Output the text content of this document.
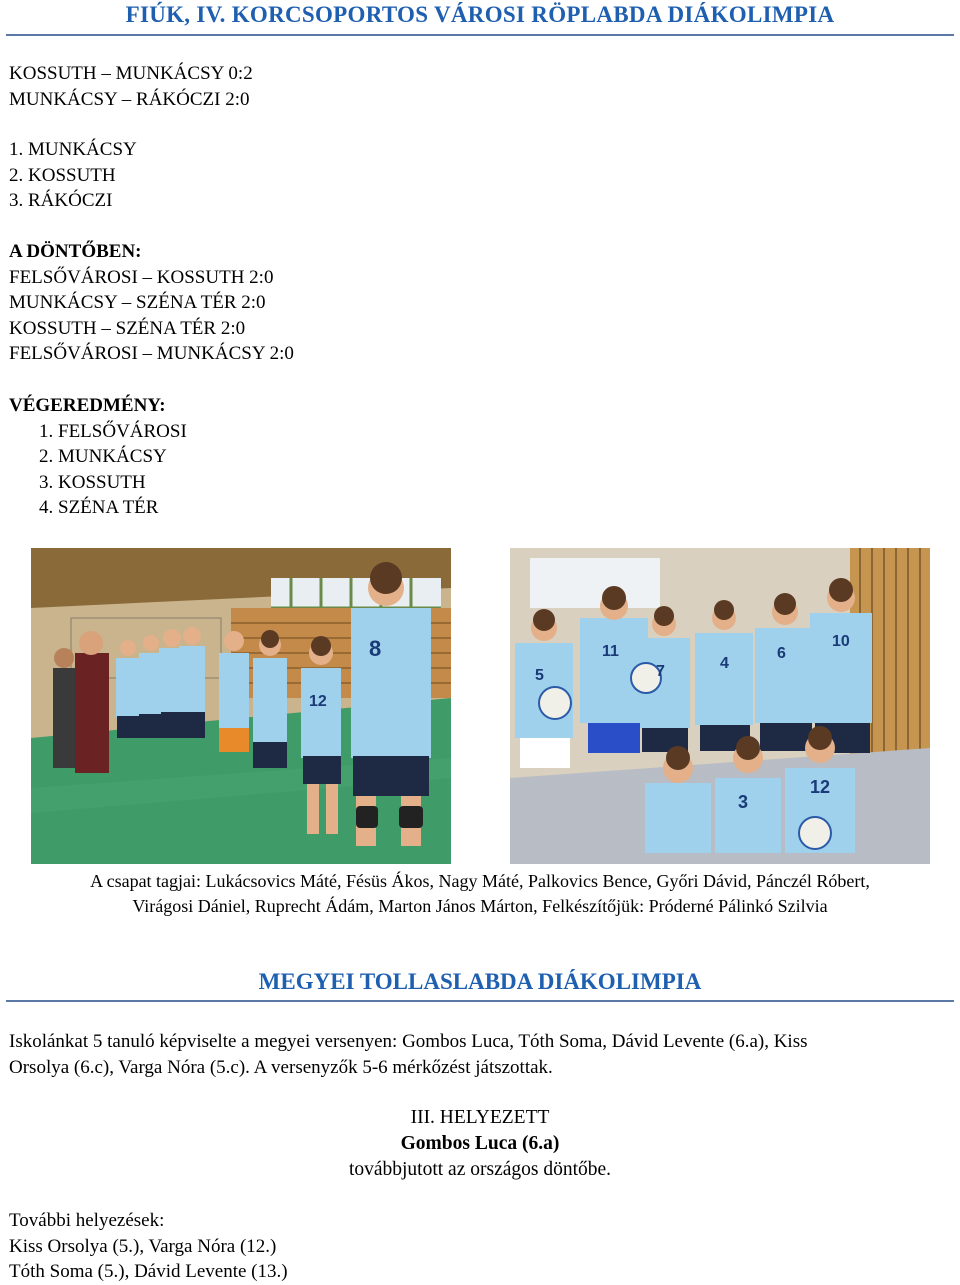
FIÚK, IV. KORCSOPORTOS VÁROSI RÖPLABDA DIÁKOLIMPIA
KOSSUTH – MUNKÁCSY 0:2
MUNKÁCSY – RÁKÓCZI 2:0
1. MUNKÁCSY
2. KOSSUTH
3. RÁKÓCZI
A DÖNTŐBEN:
FELSŐVÁROSI – KOSSUTH 2:0
MUNKÁCSY – SZÉNA TÉR 2:0
KOSSUTH – SZÉNA TÉR 2:0
FELSŐVÁROSI – MUNKÁCSY 2:0
VÉGEREDMÉNY:
1. FELSŐVÁROSI
2. MUNKÁCSY
3. KOSSUTH
4. SZÉNA TÉR
8
12
5
11
7	4
6
10
3
12
A csapat tagjai: Lukácsovics Máté, Fésüs Ákos, Nagy Máté, Palkovics Bence, Győri Dávid, Pánczél Róbert,
Virágosi Dániel, Ruprecht Ádám, Marton János Márton, Felkészítőjük: Próderné Pálinkó Szilvia
MEGYEI TOLLASLABDA DIÁKOLIMPIA
Iskolánkat 5 tanuló képviselte a megyei versenyen: Gombos Luca, Tóth Soma, Dávid Levente (6.a), Kiss
Orsolya (6.c), Varga Nóra (5.c). A versenyzők 5-6 mérkőzést játszottak.
III. HELYEZETT
Gombos Luca (6.a)
továbbjutott az országos döntőbe.
További helyezések:
Kiss Orsolya (5.), Varga Nóra (12.)
Tóth Soma (5.), Dávid Levente (13.)
